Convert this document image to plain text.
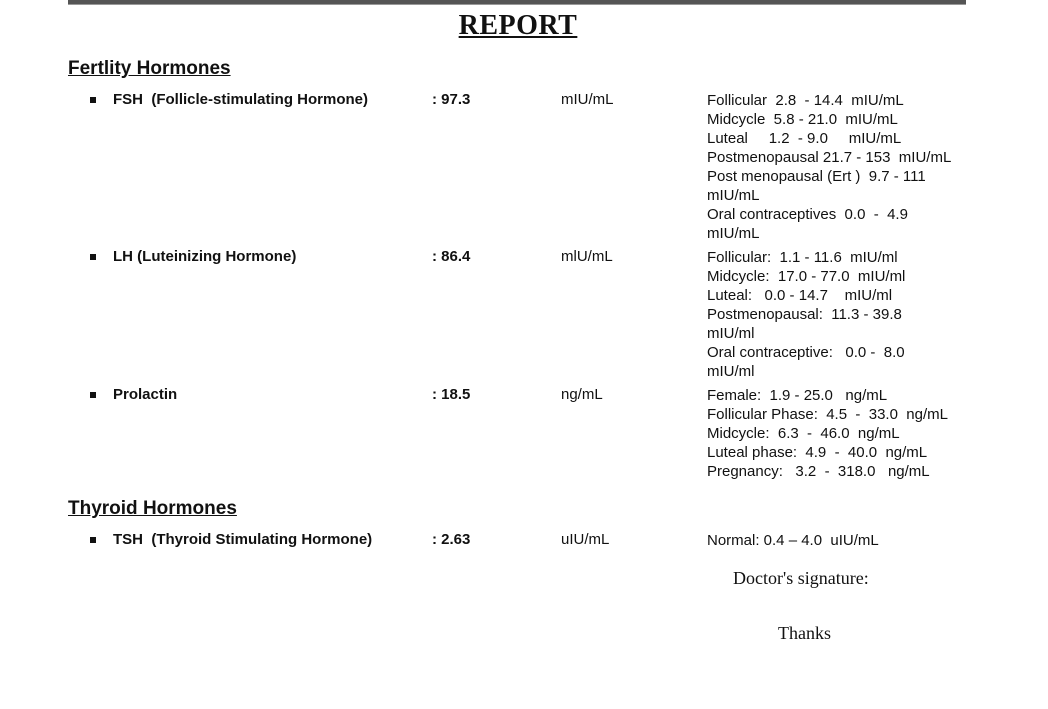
REPORT
Fertlity Hormones
FSH  (Follicle-stimulating Hormone)	: 97.3	mIU/mL	Follicular  2.8  - 14.4  mIU/mL
Midcycle  5.8 - 21.0  mIU/mL
Luteal     1.2  - 9.0     mIU/mL
Postmenopausal 21.7 - 153  mIU/mL
Post menopausal (Ert )  9.7 - 111
mIU/mL
Oral contraceptives  0.0  -  4.9
mIU/mL
LH (Luteinizing Hormone)	: 86.4	mlU/mL	Follicular:  1.1 - 11.6  mIU/ml
Midcycle:  17.0 - 77.0  mIU/ml
Luteal:   0.0 - 14.7    mIU/ml
Postmenopausal:  11.3 - 39.8
mIU/ml
Oral contraceptive:   0.0 -  8.0
mIU/ml
Prolactin	: 18.5	ng/mL	Female:  1.9 - 25.0   ng/mL
Follicular Phase:  4.5  -  33.0  ng/mL
Midcycle:  6.3  -  46.0  ng/mL
Luteal phase:  4.9  -  40.0  ng/mL
Pregnancy:   3.2  -  318.0   ng/mL
Thyroid Hormones
TSH  (Thyroid Stimulating Hormone)	: 2.63	uIU/mL	Normal: 0.4 – 4.0  uIU/mL
Doctor's signature:
Thanks
